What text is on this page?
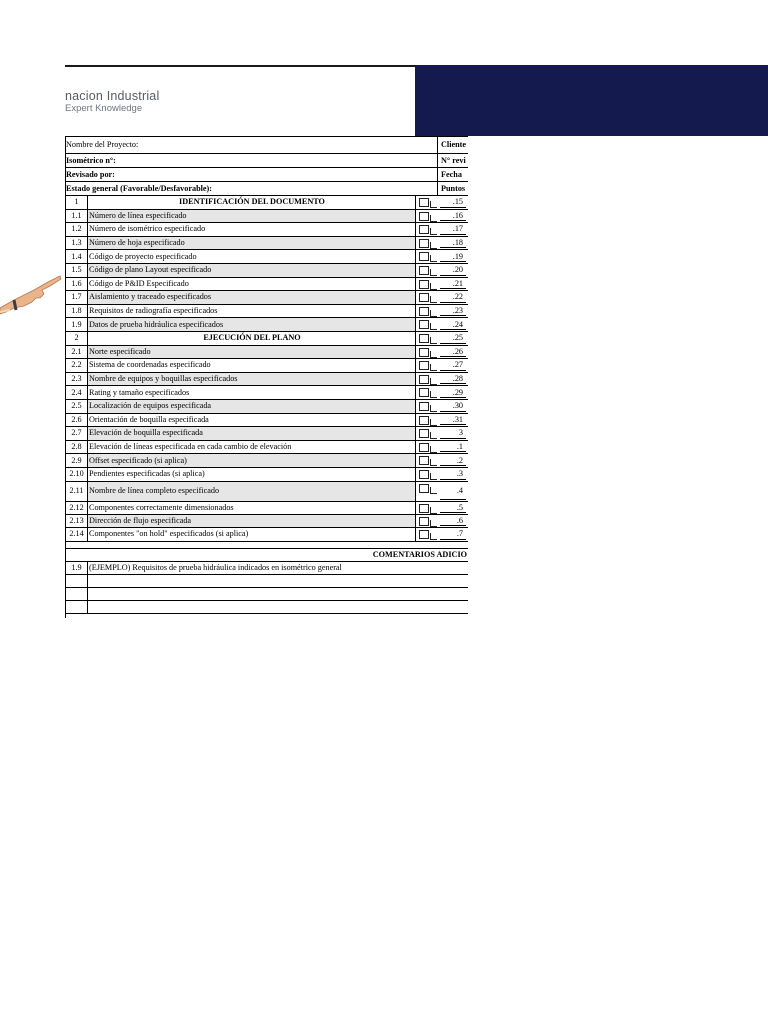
nacion Industrial
Expert Knowledge
Nombre del Proyecto:	Cliente
Isométrico n°:	N° revi
Revisado por:	Fecha
Estado general (Favorable/Desfavorable):	Puntos
1	IDENTIFICACIÓN DEL DOCUMENTO	.15
1.1 Número de línea especificado	.16
1.2 Número de isométrico especificado	.17
1.3 Número de hoja especificado	.18
1.4 Código de proyecto especificado	.19
1.5 Código de plano Layout especificado	.20
1.6 Código de P&ID Especificado	.21
1.7 Aislamiento y traceado especificados	.22
1.8 Requisitos de radiografía especificados	.23
1.9 Datos de prueba hidráulica especificados	.24
2	EJECUCIÓN DEL PLANO	.25
2.1 Norte especificado	.26
2.2 Sistema de coordenadas especificado	.27
2.3 Nombre de equipos y boquillas especificados	.28
2.4 Rating y tamaño especificados	.29
2.5 Localización de equipos especificada	.30
2.6 Orientación de boquilla especificada	.31
2.7 Elevación de boquilla especificada	3
2.8 Elevación de líneas especificada en cada cambio de elevación	.1
2.9 Offset especificado (si aplica)	.2
2.10 Pendientes especificadas (si aplica)	.3
2.11 Nombre de línea completo especificado	.4
2.12 Componentes correctamente dimensionados	.5
2.13 Dirección de flujo especificada	.6
2.14 Componentes "on hold" especificados (si aplica)	.7
COMENTARIOS ADICIO
1.9 (EJEMPLO) Requisitos de prueba hidráulica indicados en isométrico general
